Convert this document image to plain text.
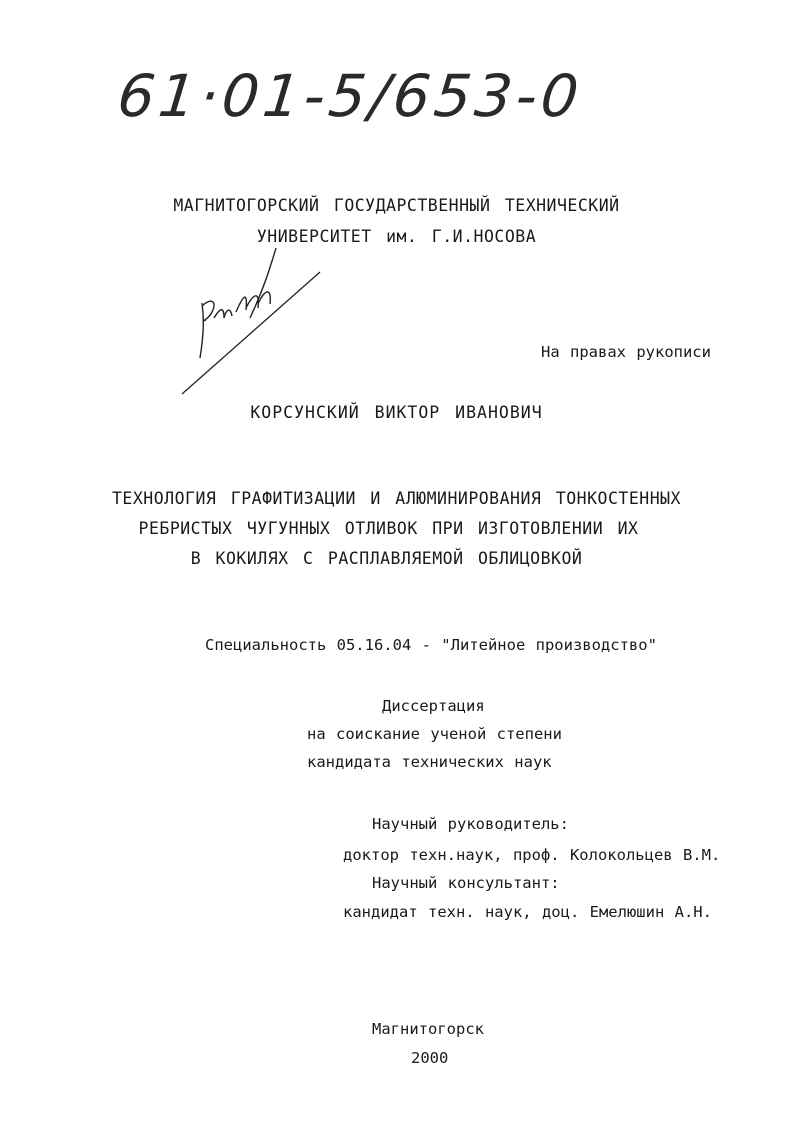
61·01-5/653-0
МАГНИТОГОРСКИЙ ГОСУДАРСТВЕННЫЙ ТЕХНИЧЕСКИЙ
УНИВЕРСИТЕТ им. Г.И.НОСОВА
На правах рукописи
КОРСУНСКИЙ ВИКТОР ИВАНОВИЧ
ТЕХНОЛОГИЯ ГРАФИТИЗАЦИИ И АЛЮМИНИРОВАНИЯ ТОНКОСТЕННЫХ
РЕБРИСТЫХ ЧУГУННЫХ ОТЛИВОК ПРИ ИЗГОТОВЛЕНИИ ИХ
В КОКИЛЯХ С РАСПЛАВЛЯЕМОЙ ОБЛИЦОВКОЙ
Специальность 05.16.04 - "Литейное производство"
Диссертация
на соискание ученой степени
кандидата технических наук
Научный руководитель:
доктор техн.наук, проф. Колокольцев В.М.
Научный консультант:
кандидат техн. наук, доц. Емелюшин А.Н.
Магнитогорск
2000
